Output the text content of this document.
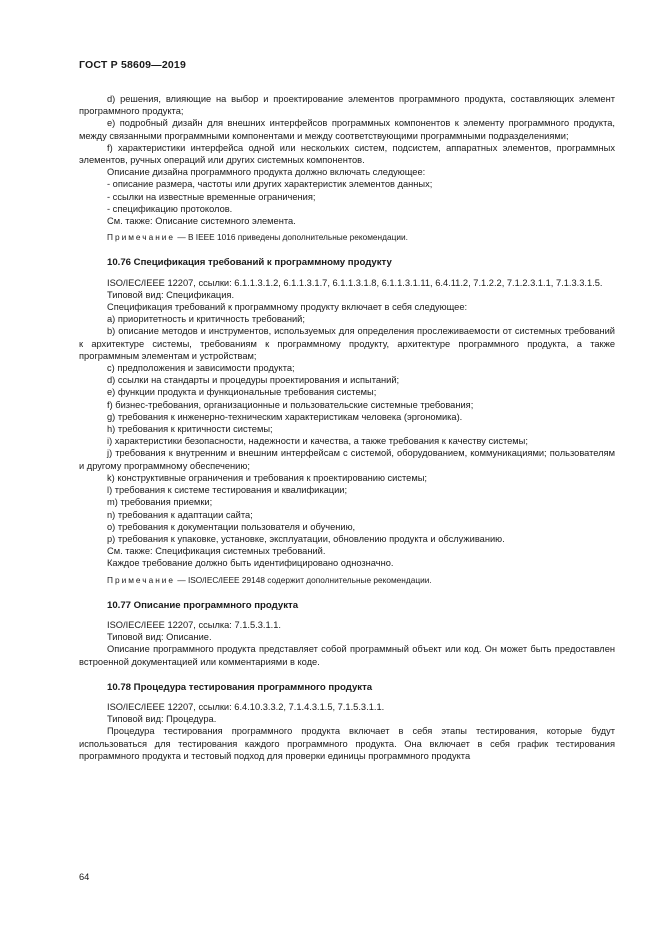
ГОСТ Р 58609—2019

d) решения, влияющие на выбор и проектирование элементов программного продукта, составляющих элемент программного продукта;

e) подробный дизайн для внешних интерфейсов программных компонентов к элементу программного продукта, между связанными программными компонентами и между соответствующими программными подразделениями;

f) характеристики интерфейса одной или нескольких систем, подсистем, аппаратных элементов, программных элементов, ручных операций или других системных компонентов.

Описание дизайна программного продукта должно включать следующее:

- описание размера, частоты или других характеристик элементов данных;

- ссылки на известные временные ограничения;

- спецификацию протоколов.

См. также: Описание системного элемента.

Примечание — В IEEE 1016 приведены дополнительные рекомендации.

10.76 Спецификация требований к программному продукту

ISO/IEC/IEEE 12207, ссылки: 6.1.1.3.1.2, 6.1.1.3.1.7, 6.1.1.3.1.8, 6.1.1.3.1.11, 6.4.11.2, 7.1.2.2, 7.1.2.3.1.1, 7.1.3.3.1.5.

Типовой вид: Спецификация.

Спецификация требований к программному продукту включает в себя следующее:

a) приоритетность и критичность требований;

b) описание методов и инструментов, используемых для определения прослеживаемости от системных требований к архитектуре системы, требованиям к программному продукту, архитектуре программного продукта, а также программным элементам и устройствам;

c) предположения и зависимости продукта;

d) ссылки на стандарты и процедуры проектирования и испытаний;

e) функции продукта и функциональные требования системы;

f) бизнес-требования, организационные и пользовательские системные требования;

g) требования к инженерно-техническим характеристикам человека (эргономика).

h) требования к критичности системы;

i) характеристики безопасности, надежности и качества, а также требования к качеству системы;

j) требования к внутренним и внешним интерфейсам с системой, оборудованием, коммуникациями; пользователям и другому программному обеспечению;

k) конструктивные ограничения и требования к проектированию системы;

l) требования к системе тестирования и квалификации;

m) требования приемки;

n) требования к адаптации сайта;

o) требования к документации пользователя и обучению,

p) требования к упаковке, установке, эксплуатации, обновлению продукта и обслуживанию.

См. также: Спецификация системных требований.

Каждое требование должно быть идентифицировано однозначно.

Примечание — ISO/IEC/IEEE 29148 содержит дополнительные рекомендации.

10.77 Описание программного продукта

ISO/IEC/IEEE 12207, ссылка: 7.1.5.3.1.1.

Типовой вид: Описание.

Описание программного продукта представляет собой программный объект или код. Он может быть предоставлен встроенной документацией или комментариями в коде.

10.78 Процедура тестирования программного продукта

ISO/IEC/IEEE 12207, ссылки: 6.4.10.3.3.2, 7.1.4.3.1.5, 7.1.5.3.1.1.

Типовой вид: Процедура.

Процедура тестирования программного продукта включает в себя этапы тестирования, которые будут использоваться для тестирования каждого программного продукта. Она включает в себя график тестирования программного продукта и тестовый подход для проверки единицы программного продукта

64
